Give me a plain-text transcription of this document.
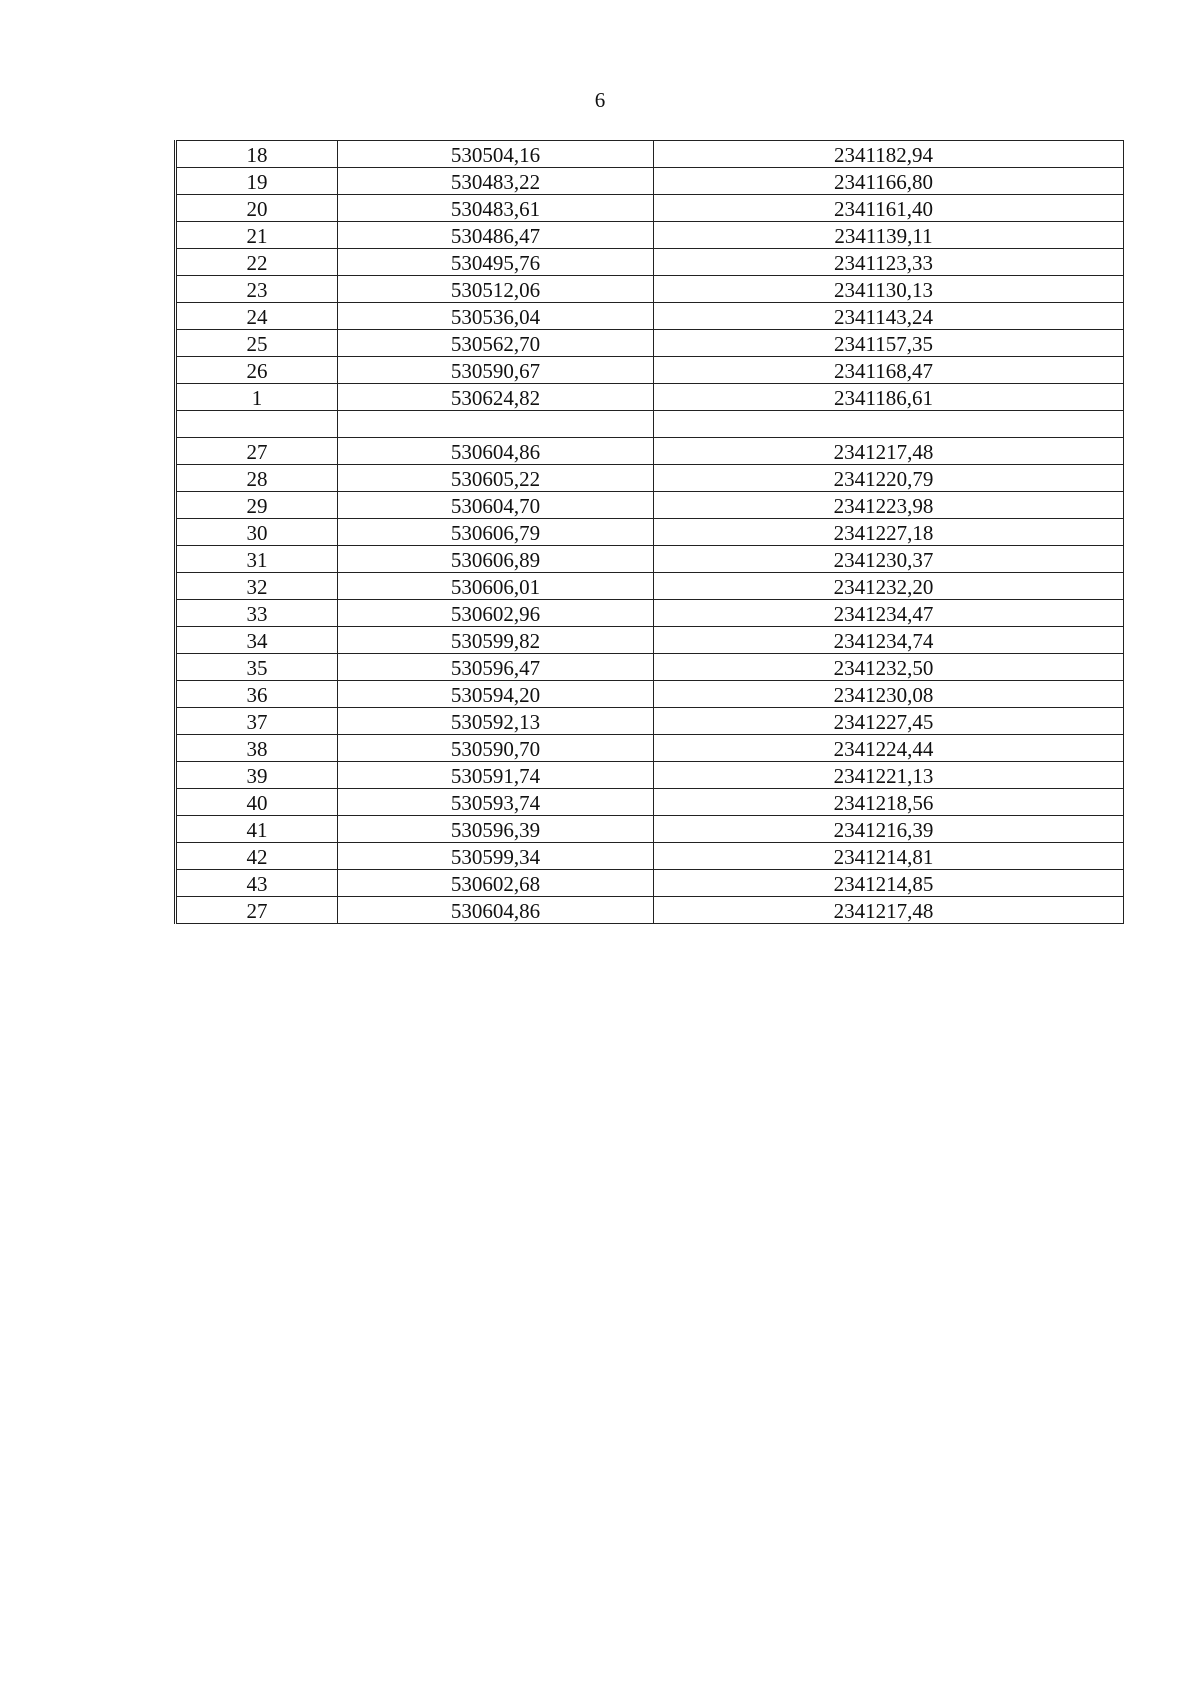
6
18	530504,16	2341182,94
19	530483,22	2341166,80
20	530483,61	2341161,40
21	530486,47	2341139,11
22	530495,76	2341123,33
23	530512,06	2341130,13
24	530536,04	2341143,24
25	530562,70	2341157,35
26	530590,67	2341168,47
1	530624,82	2341186,61

27	530604,86	2341217,48
28	530605,22	2341220,79
29	530604,70	2341223,98
30	530606,79	2341227,18
31	530606,89	2341230,37
32	530606,01	2341232,20
33	530602,96	2341234,47
34	530599,82	2341234,74
35	530596,47	2341232,50
36	530594,20	2341230,08
37	530592,13	2341227,45
38	530590,70	2341224,44
39	530591,74	2341221,13
40	530593,74	2341218,56
41	530596,39	2341216,39
42	530599,34	2341214,81
43	530602,68	2341214,85
27	530604,86	2341217,48
